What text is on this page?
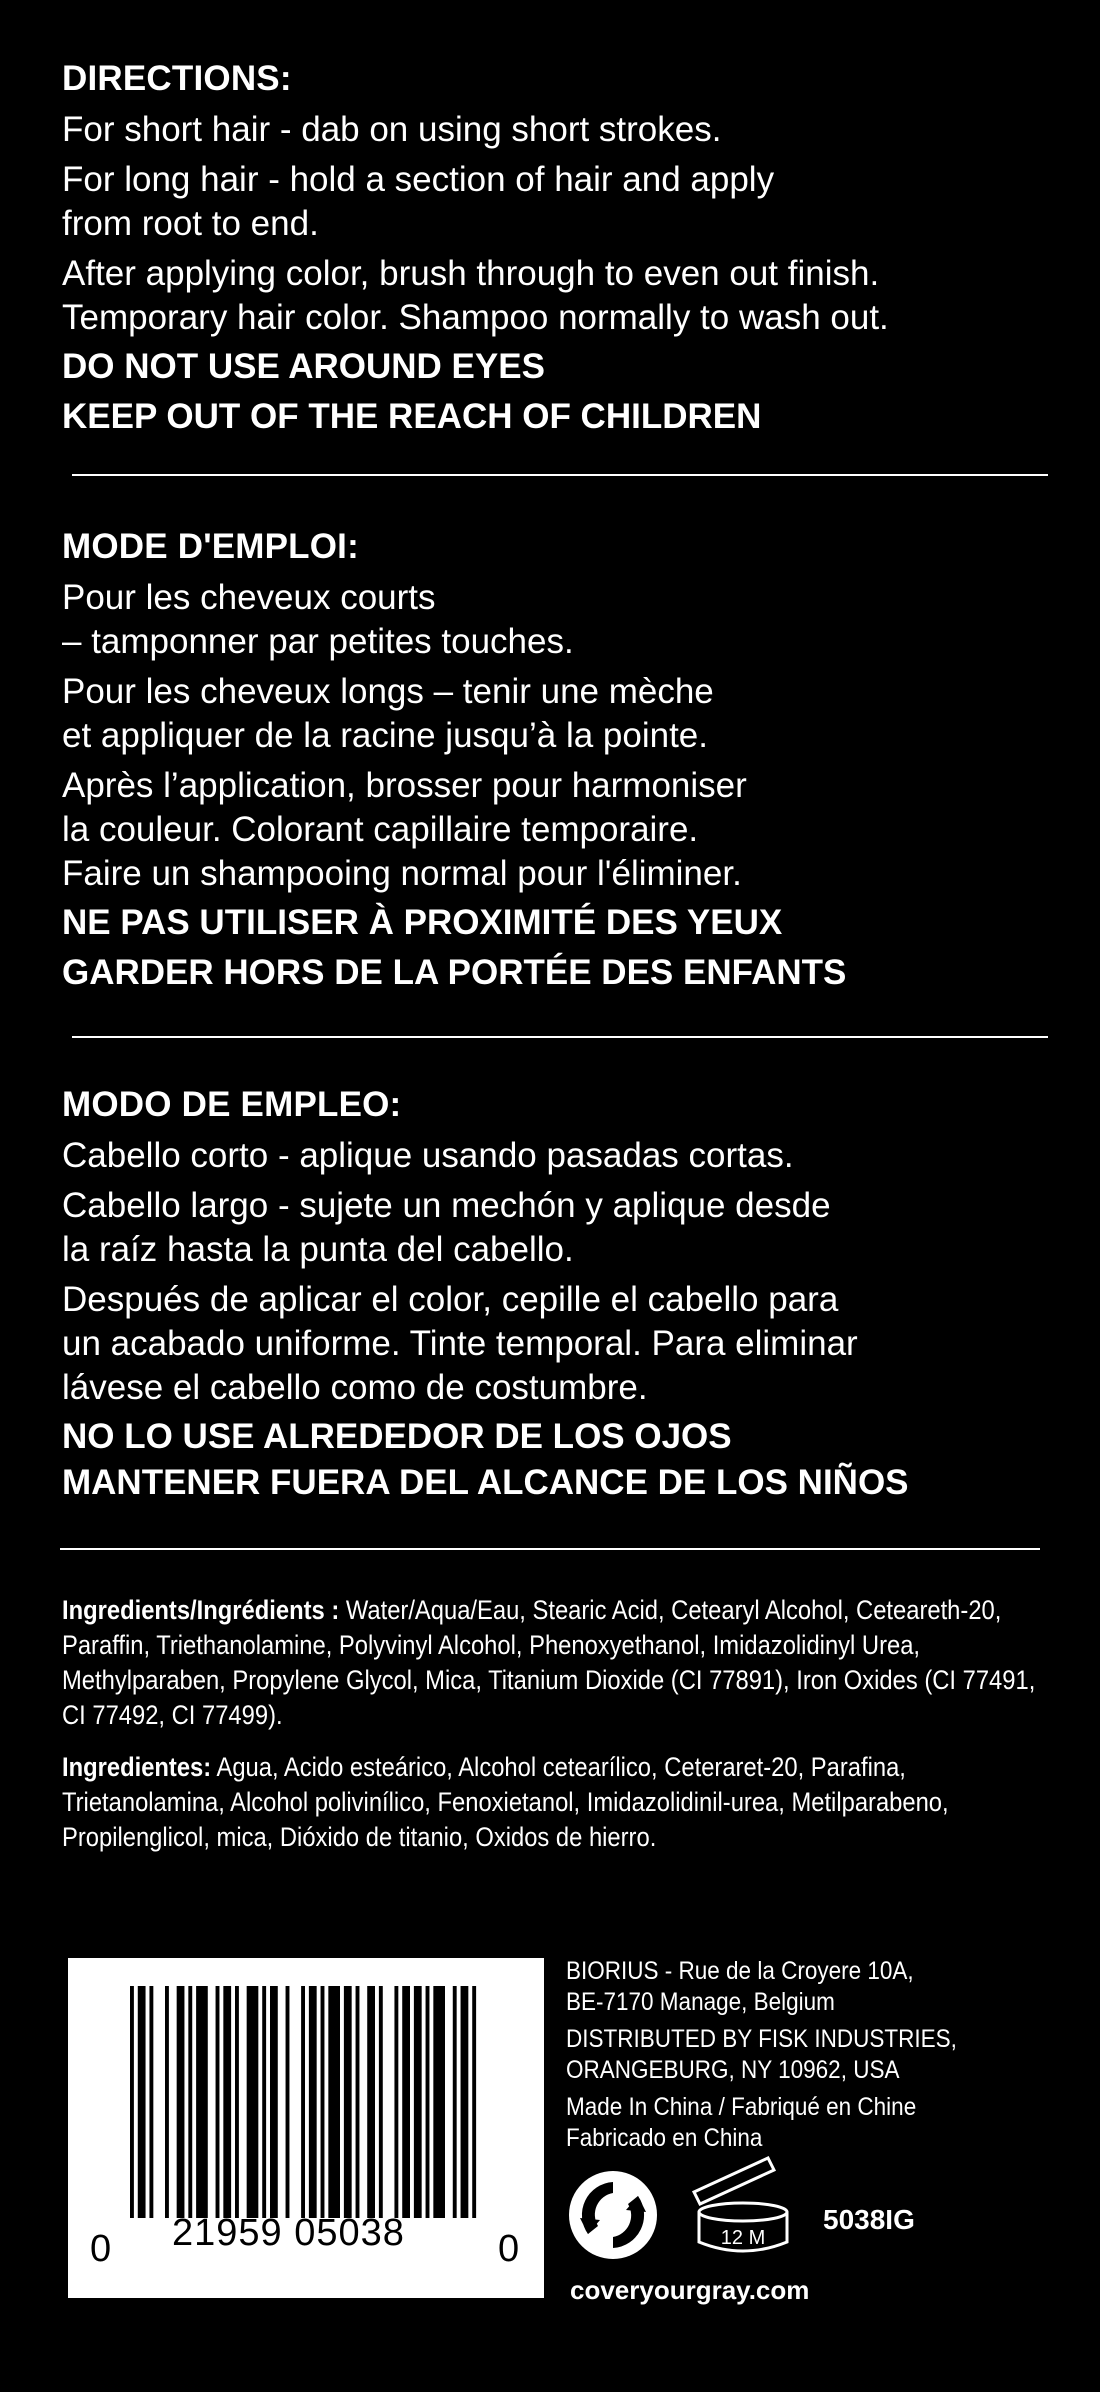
DIRECTIONS:

For short hair - dab on using short strokes.

For long hair - hold a section of hair and apply
from root to end.

After applying color, brush through to even out finish.
Temporary hair color. Shampoo normally to wash out.

DO NOT USE AROUND EYES

KEEP OUT OF THE REACH OF CHILDREN

MODE D'EMPLOI:

Pour les cheveux courts
– tamponner par petites touches.

Pour les cheveux longs – tenir une mèche
et appliquer de la racine jusqu’à la pointe.

Après l’application, brosser pour harmoniser
la couleur. Colorant capillaire temporaire.
Faire un shampooing normal pour l'éliminer.

NE PAS UTILISER À PROXIMITÉ DES YEUX

GARDER HORS DE LA PORTÉE DES ENFANTS

MODO DE EMPLEO:

Cabello corto - aplique usando pasadas cortas.

Cabello largo - sujete un mechón y aplique desde
la raíz hasta la punta del cabello.

Después de aplicar el color, cepille el cabello para
un acabado uniforme. Tinte temporal. Para eliminar
lávese el cabello como de costumbre.

NO LO USE ALREDEDOR DE LOS OJOS
MANTENER FUERA DEL ALCANCE DE LOS NIÑOS

Ingredients/Ingrédients : Water/Aqua/Eau, Stearic Acid, Cetearyl Alcohol, Ceteareth-20, Paraffin, Triethanolamine, Polyvinyl Alcohol, Phenoxyethanol, Imidazolidinyl Urea, Methylparaben, Propylene Glycol, Mica, Titanium Dioxide (CI 77891), Iron Oxides (CI 77491, CI 77492, CI 77499).
Ingredientes: Agua, Acido esteárico, Alcohol cetearílico, Ceteraret-20, Parafina, Trietanolamina, Alcohol polivinílico, Fenoxietanol, Imidazolidinil-urea, Metilparabeno, Propilenglicol, mica, Dióxido de titanio, Oxidos de hierro.
0 21959 05038 0

BIORIUS - Rue de la Croyere 10A,
BE-7170 Manage, Belgium

DISTRIBUTED BY FISK INDUSTRIES,
ORANGEBURG, NY 10962, USA

Made In China / Fabriqué en Chine
Fabricado en China

12 M
5038IG
coveryourgray.com
